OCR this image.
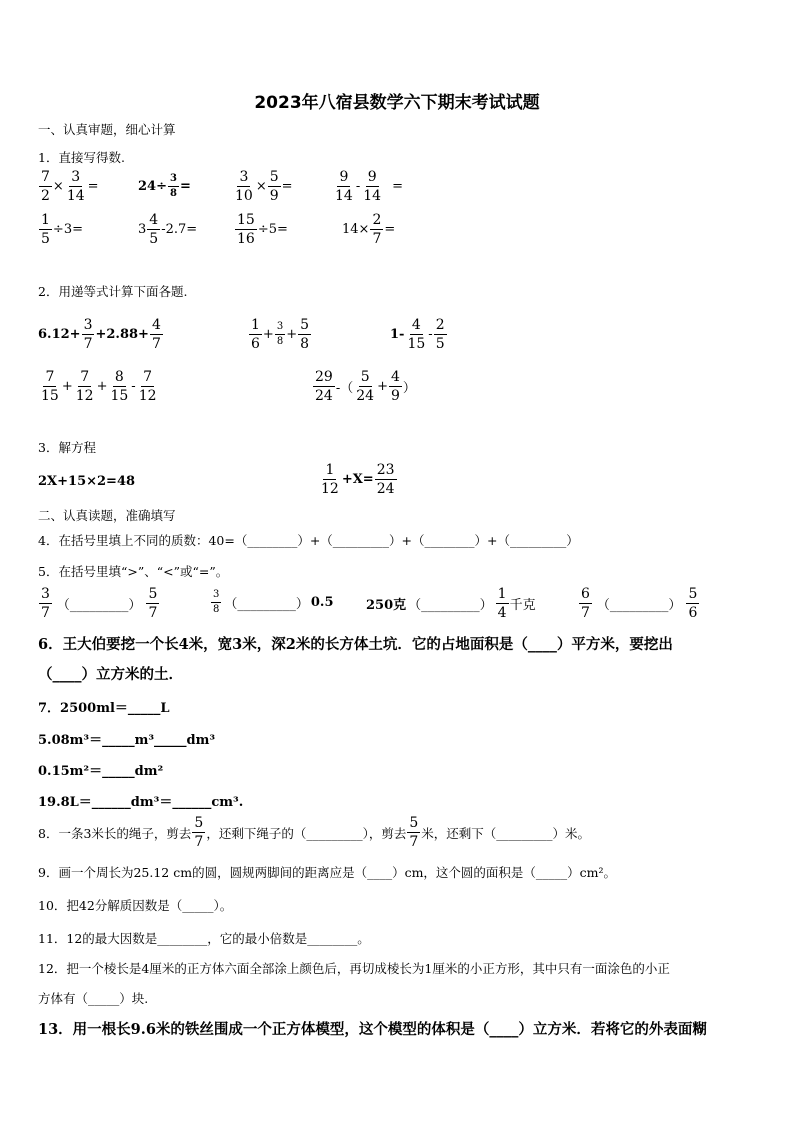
2023年八宿县数学六下期末考试试题
一、认真审题，细心计算
1．直接写得数.
$\frac{7}{2} \times \frac{3}{14}$ =	$24\div \frac{3}{8}$ =	$\frac{3}{10} \times \frac{5}{9}$ =	$\frac{9}{14} - \frac{9}{14}$ =
$\frac{1}{5} \div 3=$	$3 \frac{4}{5} -2.7=$	$\frac{15}{16} \div 5=$	$14\times \frac{2}{7}$ =
2．用递等式计算下面各题.
$6.12+ \frac{3}{7} +2.88+ \frac{4}{7}$	$\frac{1}{6} + \frac{3}{8} + \frac{5}{8}$	$1- \frac{4}{15} - \frac{2}{5}$
$\frac{7}{15} + \frac{7}{12} + \frac{8}{15} - \frac{7}{12}$	$\frac{29}{24}$ -（ $\frac{5}{24} + \frac{4}{9}$ ）
3．解方程
2X+15×2=48	$\frac{1}{12} +X= \frac{23}{24}$
二、认真读题，准确填写
4．在括号里填上不同的质数：40=（________）+（_________）+（________）+（_________）
5．在括号里填“>”、“<”或“=”。
$\frac{3}{7}$ （_________） $\frac{5}{7}$	$\frac{3}{8}$ （_________） 0.5 250克 （_________） $\frac{1}{4}$ 千克	$\frac{6}{7}$ （_________） $\frac{5}{6}$
6．王大伯要挖一个长4米，宽3米，深2米的长方体土坑．它的占地面积是（____）平方米，要挖出
（____）立方米的土．
7．2500ml＝_____L
5.08m³＝_____m³_____dm³
0.15m²＝_____dm²
19.8L＝______dm³＝______cm³.
8．一条3米长的绳子，剪去 $\frac{5}{7}$ ，还剩下绳子的（_________），剪去 $\frac{5}{7}$ 米，还剩下（_________）米。
9．画一个周长为25.12 cm的圆，圆规两脚间的距离应是（____）cm，这个圆的面积是（_____）cm²。
10．把42分解质因数是（_____）。
11．12的最大因数是________，它的最小倍数是________。
12．把一个棱长是4厘米的正方体六面全部涂上颜色后，再切成棱长为1厘米的小正方形，其中只有一面涂色的小正
方体有（_____）块.
13．用一根长9.6米的铁丝围成一个正方体模型，这个模型的体积是（____）立方米．若将它的外表面糊
